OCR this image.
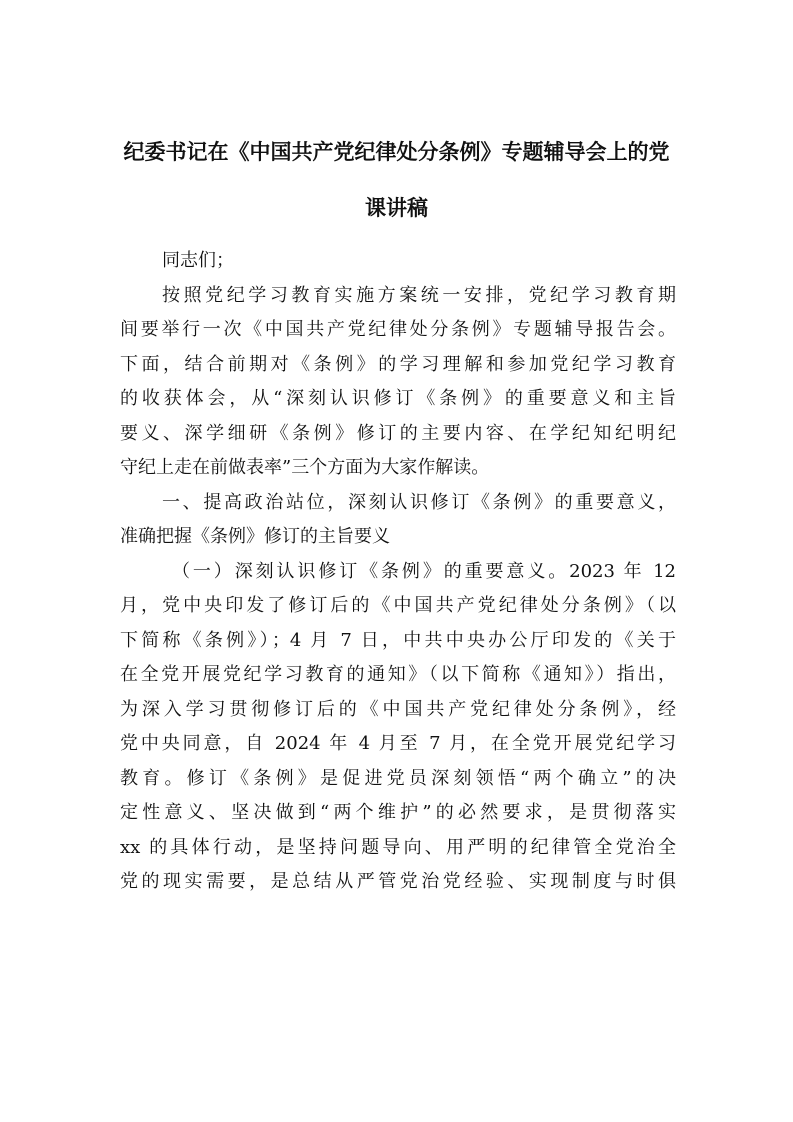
纪委书记在《中国共产党纪律处分条例》专题辅导会上的党
课讲稿
同志们；
按照党纪学习教育实施方案统一安排，党纪学习教育期
间要举行一次《中国共产党纪律处分条例》专题辅导报告会。
下面，结合前期对《条例》的学习理解和参加党纪学习教育
的收获体会，从“深刻认识修订《条例》的重要意义和主旨
要义、深学细研《条例》修订的主要内容、在学纪知纪明纪
守纪上走在前做表率”三个方面为大家作解读。
一、提高政治站位，深刻认识修订《条例》的重要意义，
准确把握《条例》修订的主旨要义
（一）深刻认识修订《条例》的重要意义。2023 年 12
月，党中央印发了修订后的《中国共产党纪律处分条例》（以
下简称《条例》）；4 月 7 日，中共中央办公厅印发的《关于
在全党开展党纪学习教育的通知》（以下简称《通知》）指出，
为深入学习贯彻修订后的《中国共产党纪律处分条例》，经
党中央同意，自 2024 年 4 月至 7 月，在全党开展党纪学习
教育。修订《条例》是促进党员深刻领悟“两个确立”的决
定性意义、坚决做到“两个维护”的必然要求，是贯彻落实
xx 的具体行动，是坚持问题导向、用严明的纪律管全党治全
党的现实需要，是总结从严管党治党经验、实现制度与时俱
